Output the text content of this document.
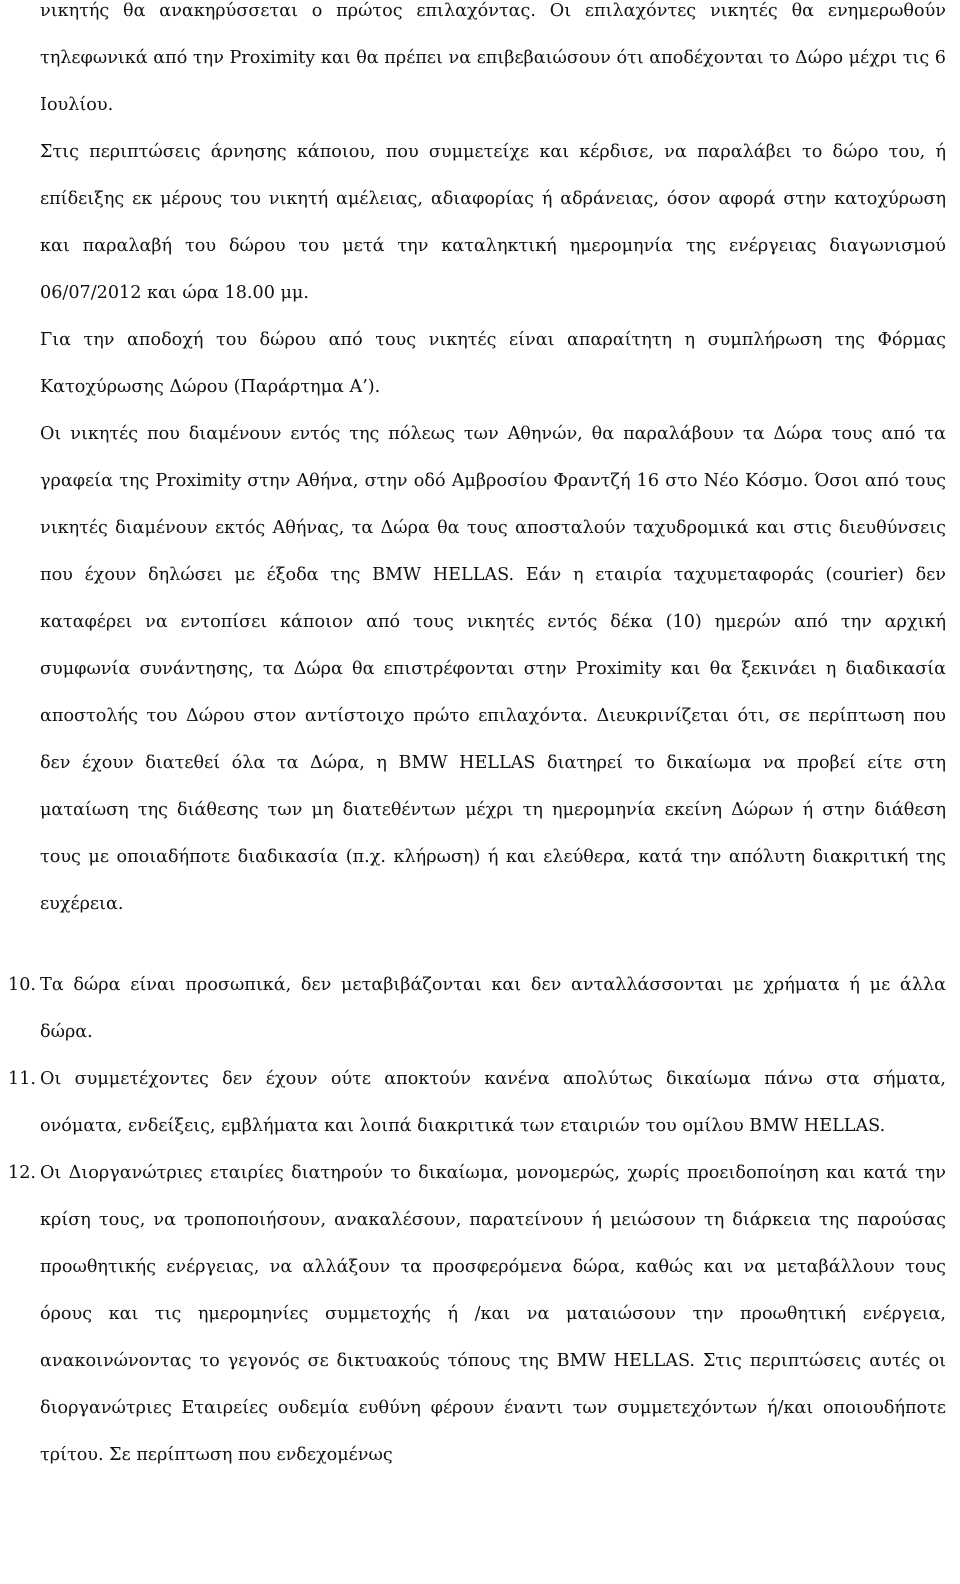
νικητής θα ανακηρύσσεται ο πρώτος επιλαχόντας. Οι επιλαχόντες νικητές θα ενημερωθούν τηλεφωνικά από την Proximity και θα πρέπει να επιβεβαιώσουν ότι αποδέχονται το Δώρο μέχρι τις 6 Ιουλίου.

Στις περιπτώσεις άρνησης κάποιου, που συμμετείχε και κέρδισε, να παραλάβει το δώρο του, ή επίδειξης εκ μέρους του νικητή αμέλειας, αδιαφορίας ή αδράνειας, όσον αφορά στην κατοχύρωση και παραλαβή του δώρου του μετά την καταληκτική ημερομηνία της ενέργειας διαγωνισμού 06/07/2012 και ώρα 18.00 μμ.

Για την αποδοχή του δώρου από τους νικητές είναι απαραίτητη η συμπλήρωση της Φόρμας Κατοχύρωσης Δώρου (Παράρτημα Α’).

Οι νικητές που διαμένουν εντός της πόλεως των Αθηνών, θα παραλάβουν τα Δώρα τους από τα γραφεία της Proximity στην Αθήνα, στην οδό Αμβροσίου Φραντζή 16 στο Νέο Κόσμο. Όσοι από τους νικητές διαμένουν εκτός Αθήνας, τα Δώρα θα τους αποσταλούν ταχυδρομικά και στις διευθύνσεις που έχουν δηλώσει με έξοδα της BMW HELLAS. Εάν η εταιρία ταχυμεταφοράς (courier) δεν καταφέρει να εντοπίσει κάποιον από τους νικητές εντός δέκα (10) ημερών από την αρχική συμφωνία συνάντησης, τα Δώρα θα επιστρέφονται στην Proximity και θα ξεκινάει η διαδικασία αποστολής του Δώρου στον αντίστοιχο πρώτο επιλαχόντα. Διευκρινίζεται ότι, σε περίπτωση που δεν έχουν διατεθεί όλα τα Δώρα, η BMW HELLAS διατηρεί το δικαίωμα να προβεί είτε στη ματαίωση της διάθεσης των μη διατεθέντων μέχρι τη ημερομηνία εκείνη Δώρων ή στην διάθεση τους με οποιαδήποτε διαδικασία (π.χ. κλήρωση) ή και ελεύθερα, κατά την απόλυτη διακριτική της ευχέρεια.

10. Τα δώρα είναι προσωπικά, δεν μεταβιβάζονται και δεν ανταλλάσσονται με χρήματα ή με άλλα δώρα.
11. Οι συμμετέχοντες δεν έχουν ούτε αποκτούν κανένα απολύτως δικαίωμα πάνω στα σήματα, ονόματα, ενδείξεις, εμβλήματα και λοιπά διακριτικά των εταιριών του ομίλου BMW HELLAS.
12. Οι Διοργανώτριες εταιρίες διατηρούν το δικαίωμα, μονομερώς, χωρίς προειδοποίηση και κατά την κρίση τους, να τροποποιήσουν, ανακαλέσουν, παρατείνουν ή μειώσουν τη διάρκεια της παρούσας προωθητικής ενέργειας, να αλλάξουν τα προσφερόμενα δώρα, καθώς και να μεταβάλλουν τους όρους και τις ημερομηνίες συμμετοχής ή /και να ματαιώσουν την προωθητική ενέργεια, ανακοινώνοντας το γεγονός σε δικτυακούς τόπους της BMW HELLAS. Στις περιπτώσεις αυτές οι διοργανώτριες Εταιρείες ουδεμία ευθύνη φέρουν έναντι των συμμετεχόντων ή/και οποιουδήποτε τρίτου. Σε περίπτωση που ενδεχομένως
